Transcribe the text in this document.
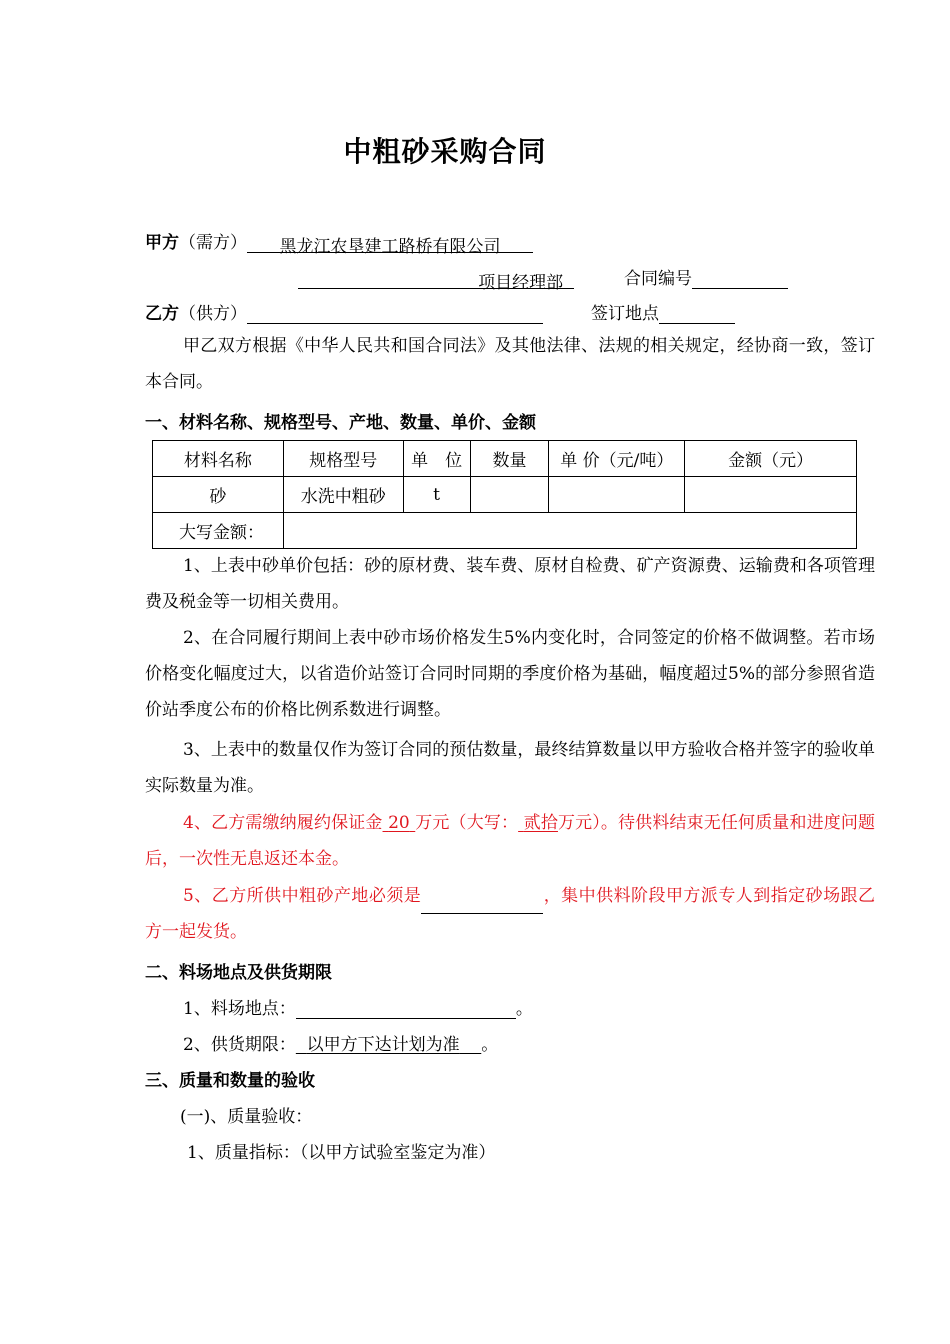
中粗砂采购合同
甲方（需方） 黑龙江农垦建工路桥有限公司
项目经理部	合同编号
乙方（供方）	签订地点
甲乙双方根据《中华人民共和国合同法》及其他法律、法规的相关规定，经协商一致，签订本合同。
一、材料名称、规格型号、产地、数量、单价、金额
材料名称	规格型号	单　位	数量	单 价（元/吨）	金额（元）
砂	水洗中粗砂	t			
大写金额：					
1、上表中砂单价包括：砂的原材费、装车费、原材自检费、矿产资源费、运输费和各项管理费及税金等一切相关费用。
2、在合同履行期间上表中砂市场价格发生5%内变化时，合同签定的价格不做调整。若市场价格变化幅度过大，以省造价站签订合同时同期的季度价格为基础，幅度超过5%的部分参照省造价站季度公布的价格比例系数进行调整。
3、上表中的数量仅作为签订合同的预估数量，最终结算数量以甲方验收合格并签字的验收单实际数量为准。
4、乙方需缴纳履约保证金 20 万元（大写： 贰拾万元）。待供料结束无任何质量和进度问题后，一次性无息返还本金。
5、乙方所供中粗砂产地必须是	，集中供料阶段甲方派专人到指定砂场跟乙方一起发货。
二、料场地点及供货期限
1、料场地点：	。
2、供货期限： 以甲方下达计划为准 。
三、质量和数量的验收
(一)、质量验收：
1、质量指标：（以甲方试验室鉴定为准）
